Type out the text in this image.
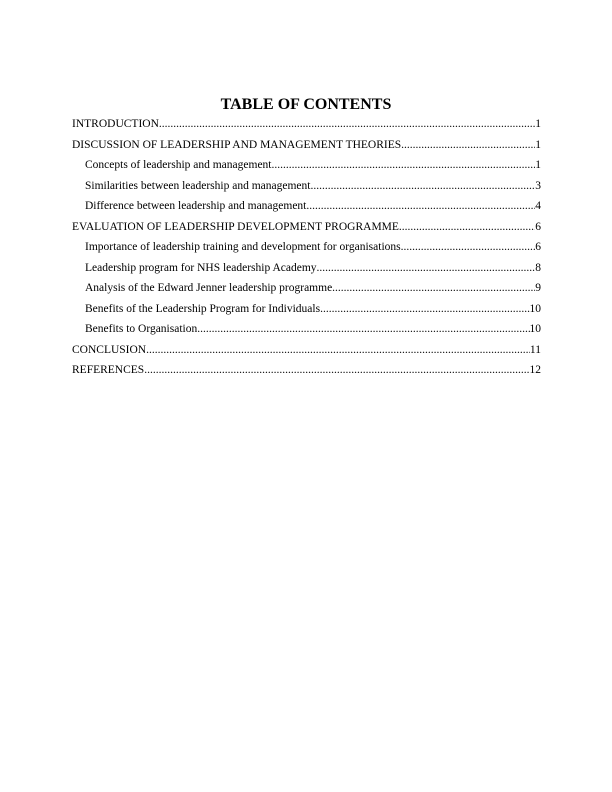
TABLE OF CONTENTS
INTRODUCTION .....	1
DISCUSSION OF LEADERSHIP AND MANAGEMENT THEORIES .....	1
Concepts of leadership and management .....	1
Similarities between leadership and management .....	3
Difference between leadership and management .....	4
EVALUATION OF LEADERSHIP DEVELOPMENT PROGRAMME .....	6
Importance of leadership training and development for organisations .....	6
Leadership program for NHS leadership Academy .....	8
Analysis of the Edward Jenner leadership programme .....	9
Benefits of the Leadership Program for Individuals .....	10
Benefits to Organisation .....	10
CONCLUSION .....	11
REFERENCES .....	12
